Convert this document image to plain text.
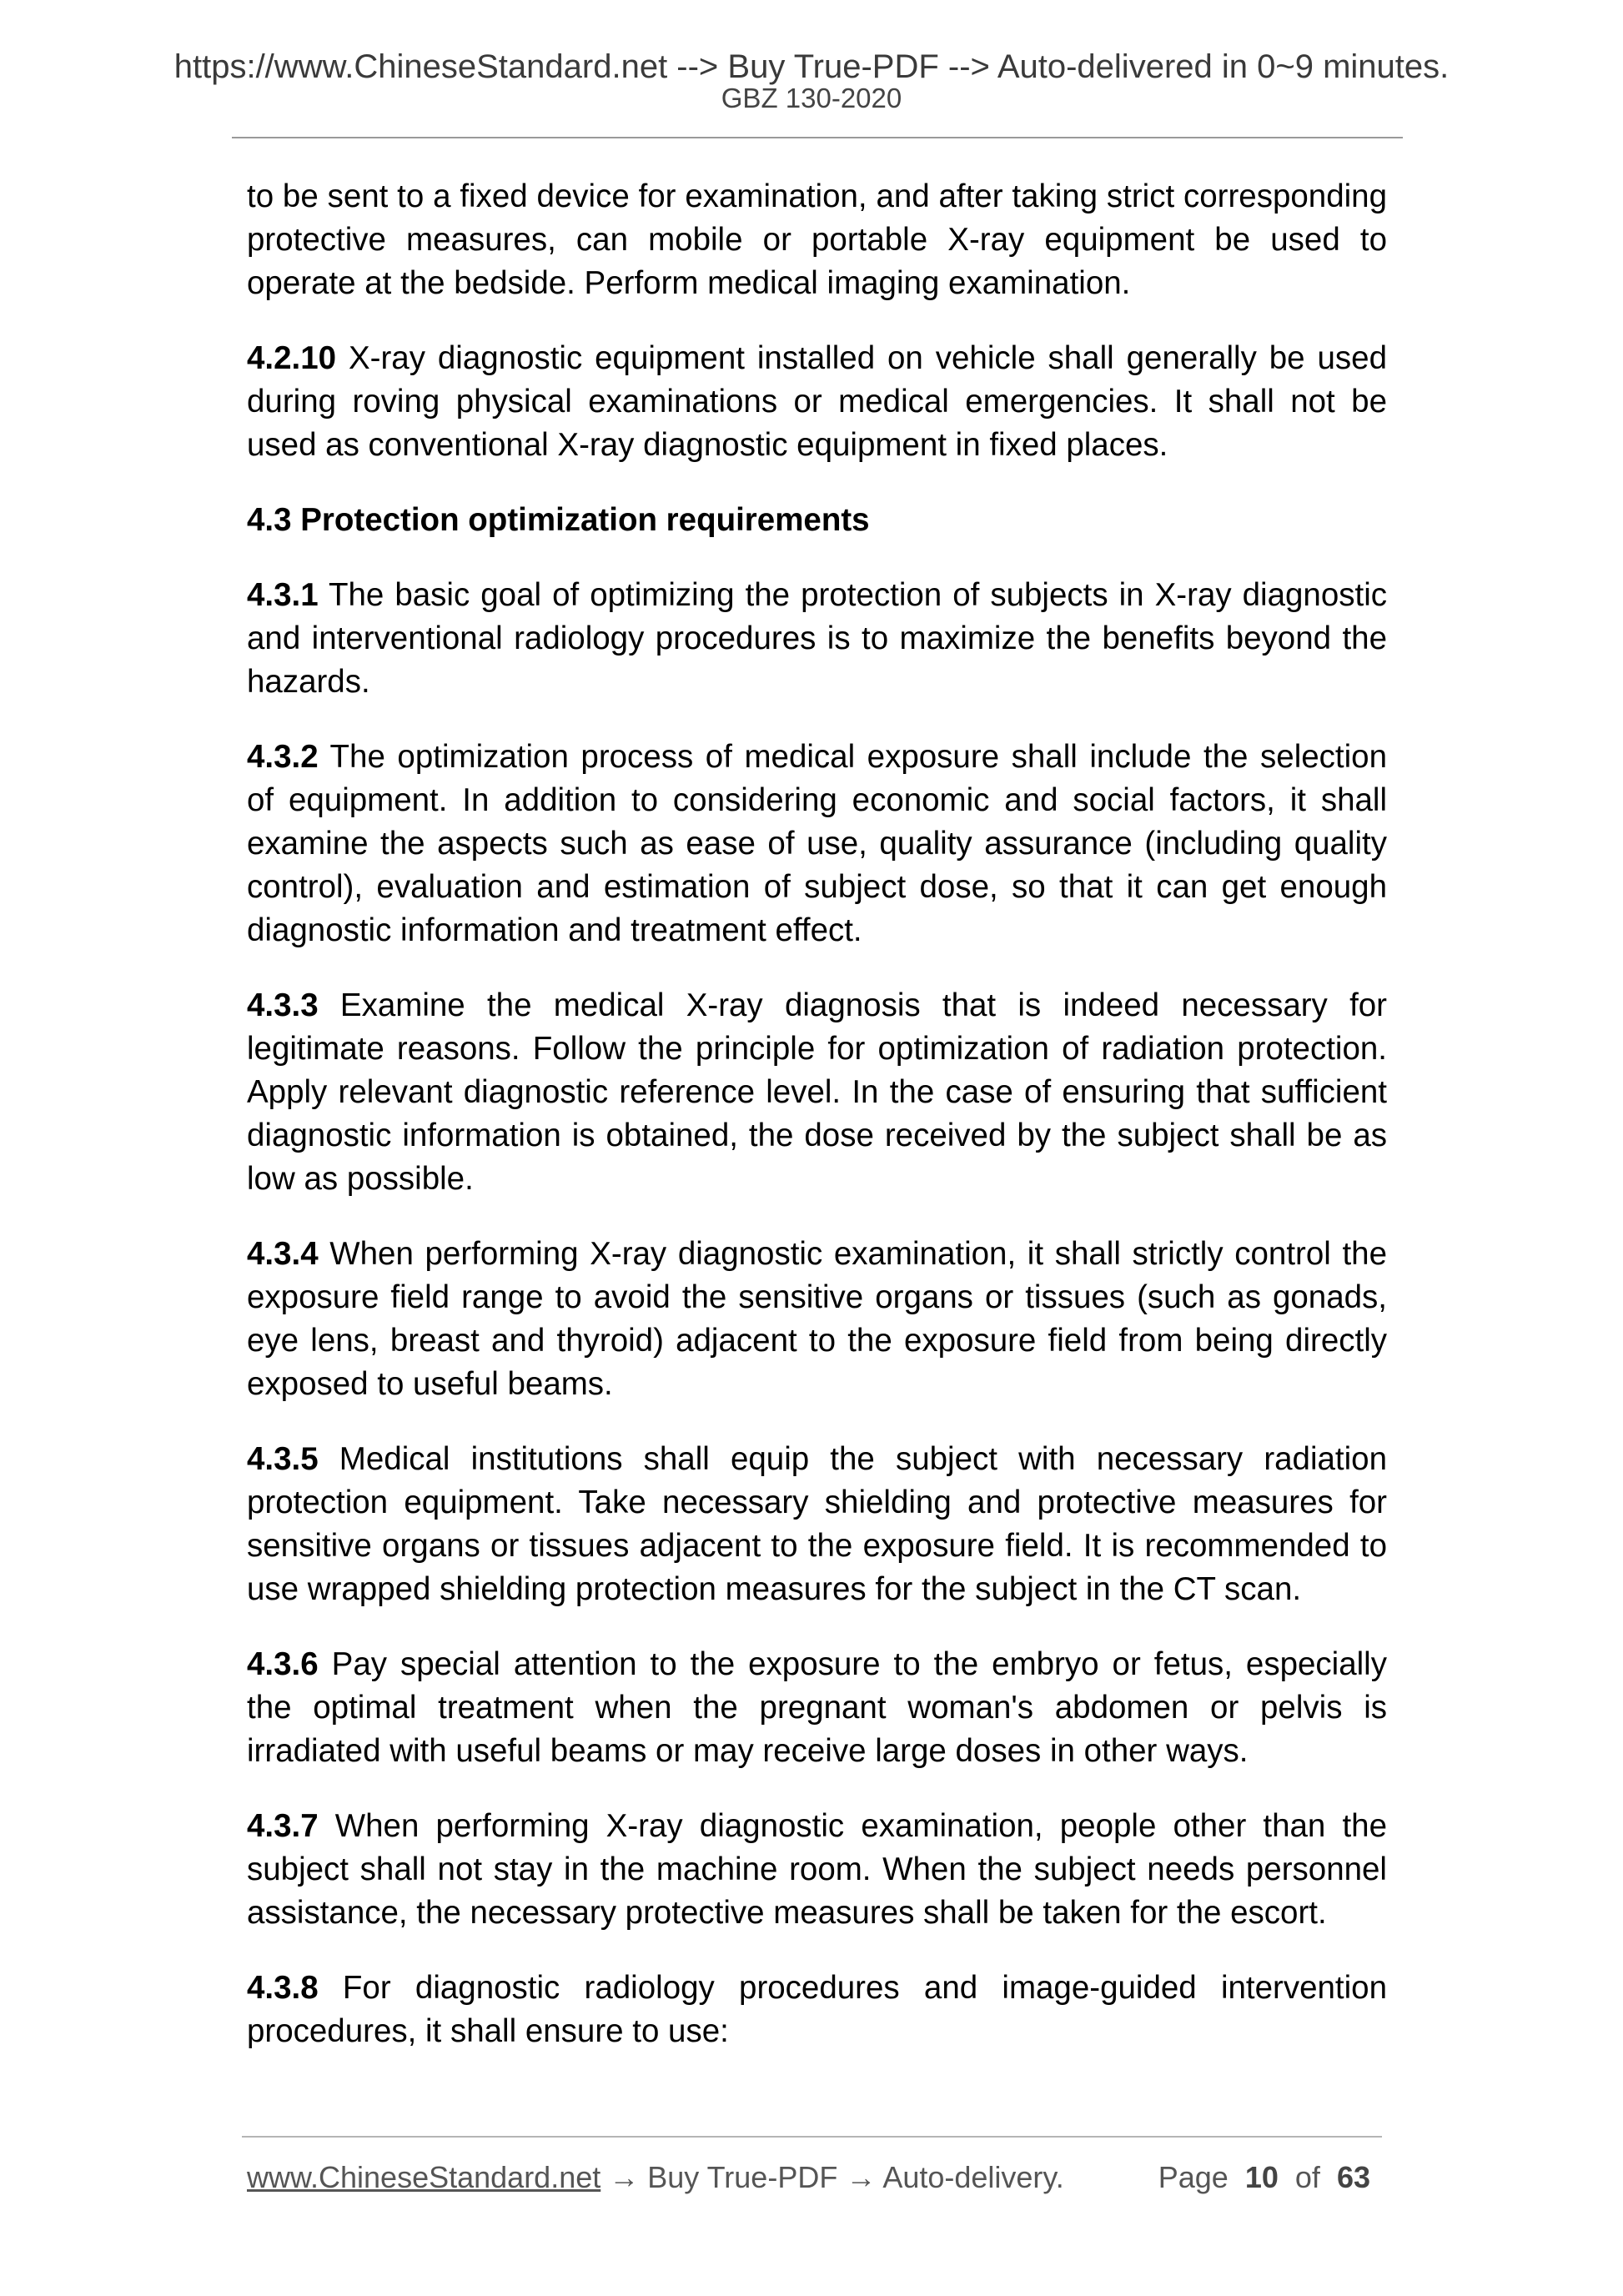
https://www.ChineseStandard.net --> Buy True-PDF --> Auto-delivered in 0~9 minutes.
GBZ 130-2020

to be sent to a fixed device for examination, and after taking strict corresponding protective measures, can mobile or portable X-ray equipment be used to operate at the bedside. Perform medical imaging examination.

4.2.10 X-ray diagnostic equipment installed on vehicle shall generally be used during roving physical examinations or medical emergencies. It shall not be used as conventional X-ray diagnostic equipment in fixed places.

4.3 Protection optimization requirements

4.3.1 The basic goal of optimizing the protection of subjects in X-ray diagnostic and interventional radiology procedures is to maximize the benefits beyond the hazards.

4.3.2 The optimization process of medical exposure shall include the selection of equipment. In addition to considering economic and social factors, it shall examine the aspects such as ease of use, quality assurance (including quality control), evaluation and estimation of subject dose, so that it can get enough diagnostic information and treatment effect.

4.3.3 Examine the medical X-ray diagnosis that is indeed necessary for legitimate reasons. Follow the principle for optimization of radiation protection. Apply relevant diagnostic reference level. In the case of ensuring that sufficient diagnostic information is obtained, the dose received by the subject shall be as low as possible.

4.3.4 When performing X-ray diagnostic examination, it shall strictly control the exposure field range to avoid the sensitive organs or tissues (such as gonads, eye lens, breast and thyroid) adjacent to the exposure field from being directly exposed to useful beams.

4.3.5 Medical institutions shall equip the subject with necessary radiation protection equipment. Take necessary shielding and protective measures for sensitive organs or tissues adjacent to the exposure field. It is recommended to use wrapped shielding protection measures for the subject in the CT scan.

4.3.6 Pay special attention to the exposure to the embryo or fetus, especially the optimal treatment when the pregnant woman's abdomen or pelvis is irradiated with useful beams or may receive large doses in other ways.

4.3.7 When performing X-ray diagnostic examination, people other than the subject shall not stay in the machine room. When the subject needs personnel assistance, the necessary protective measures shall be taken for the escort.

4.3.8 For diagnostic radiology procedures and image-guided intervention procedures, it shall ensure to use:

www.ChineseStandard.net → Buy True-PDF → Auto-delivery.	Page 10 of 63
